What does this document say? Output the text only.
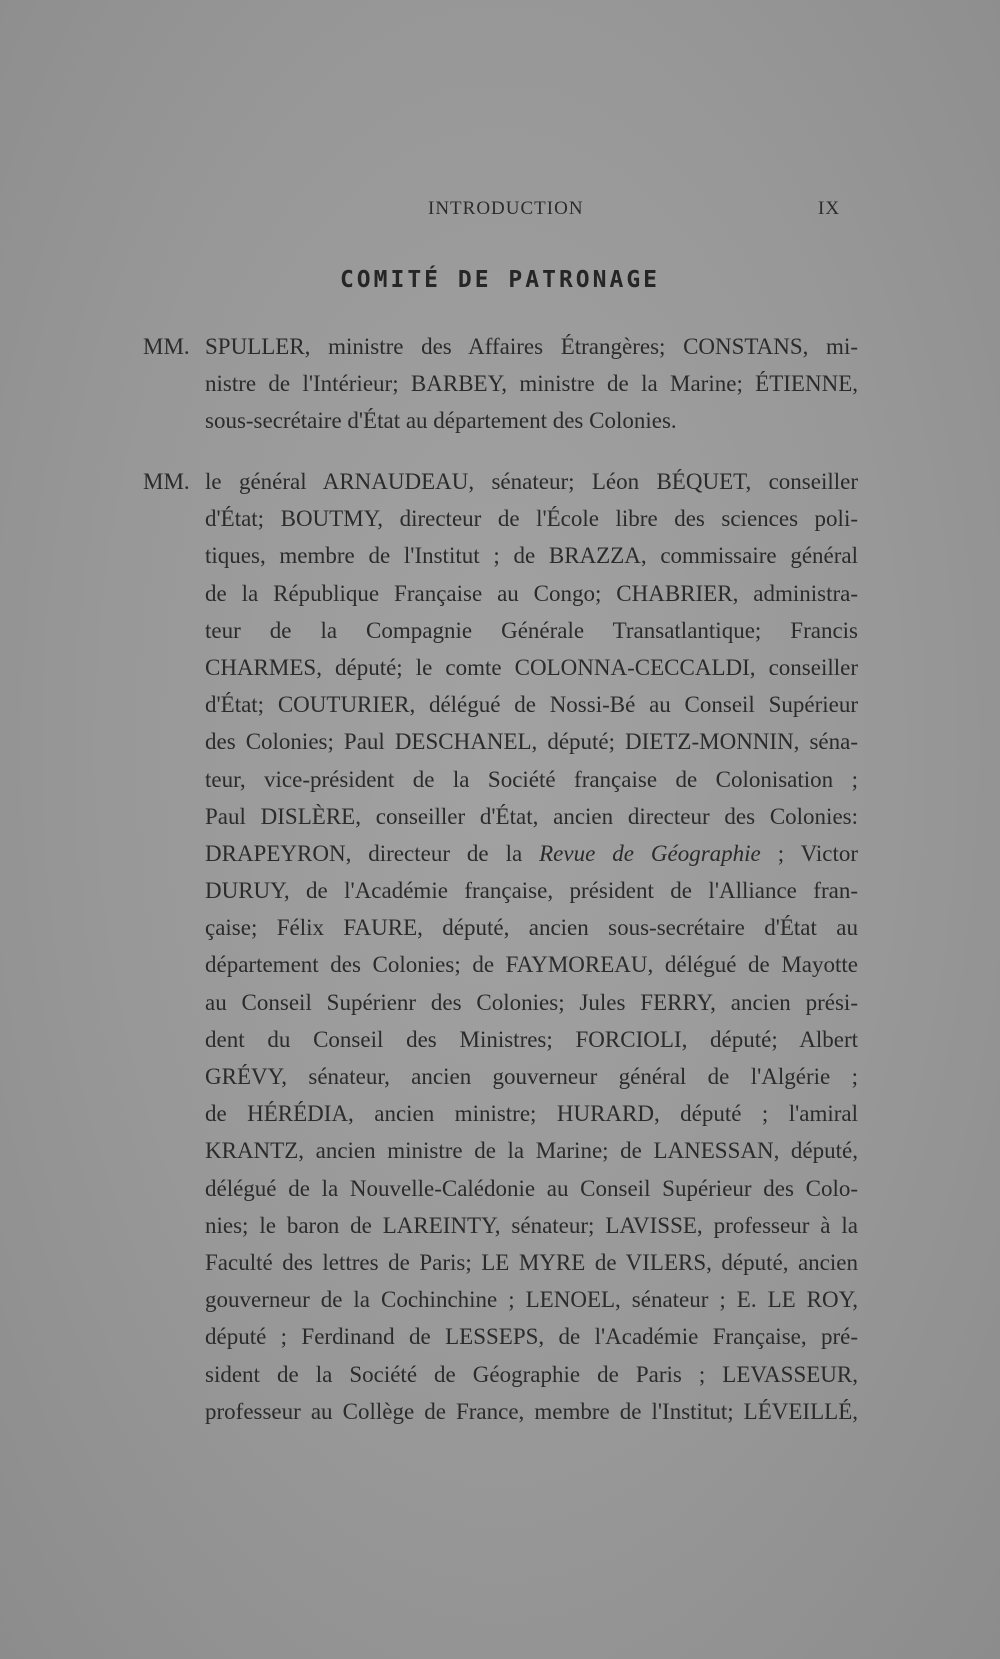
INTRODUCTION	IX
COMITÉ DE PATRONAGE
MM. SPULLER, ministre des Affaires Étrangères; CONSTANS, mi-
nistre de l'Intérieur; BARBEY, ministre de la Marine; ÉTIENNE,
sous-secrétaire d'État au département des Colonies.
MM. le général ARNAUDEAU, sénateur; Léon BÉQUET, conseiller
d'État; BOUTMY, directeur de l'École libre des sciences poli-
tiques, membre de l'Institut ; de BRAZZA, commissaire général
de la République Française au Congo; CHABRIER, administra-
teur de la Compagnie Générale Transatlantique; Francis
CHARMES, député; le comte COLONNA-CECCALDI, conseiller
d'État; COUTURIER, délégué de Nossi-Bé au Conseil Supérieur
des Colonies; Paul DESCHANEL, député; DIETZ-MONNIN, séna-
teur, vice-président de la Société française de Colonisation ;
Paul DISLÈRE, conseiller d'État, ancien directeur des Colonies:
DRAPEYRON, directeur de la Revue de Géographie ; Victor
DURUY, de l'Académie française, président de l'Alliance fran-
çaise; Félix FAURE, député, ancien sous-secrétaire d'État au
département des Colonies; de FAYMOREAU, délégué de Mayotte
au Conseil Supérienr des Colonies; Jules FERRY, ancien prési-
dent du Conseil des Ministres; FORCIOLI, député; Albert
GRÉVY, sénateur, ancien gouverneur général de l'Algérie ;
de HÉRÉDIA, ancien ministre; HURARD, député ; l'amiral
KRANTZ, ancien ministre de la Marine; de LANESSAN, député,
délégué de la Nouvelle-Calédonie au Conseil Supérieur des Colo-
nies; le baron de LAREINTY, sénateur; LAVISSE, professeur à la
Faculté des lettres de Paris; LE MYRE de VILERS, député, ancien
gouverneur de la Cochinchine ; LENOEL, sénateur ; E. LE ROY,
député ; Ferdinand de LESSEPS, de l'Académie Française, pré-
sident de la Société de Géographie de Paris ; LEVASSEUR,
professeur au Collège de France, membre de l'Institut; LÉVEILLÉ,
